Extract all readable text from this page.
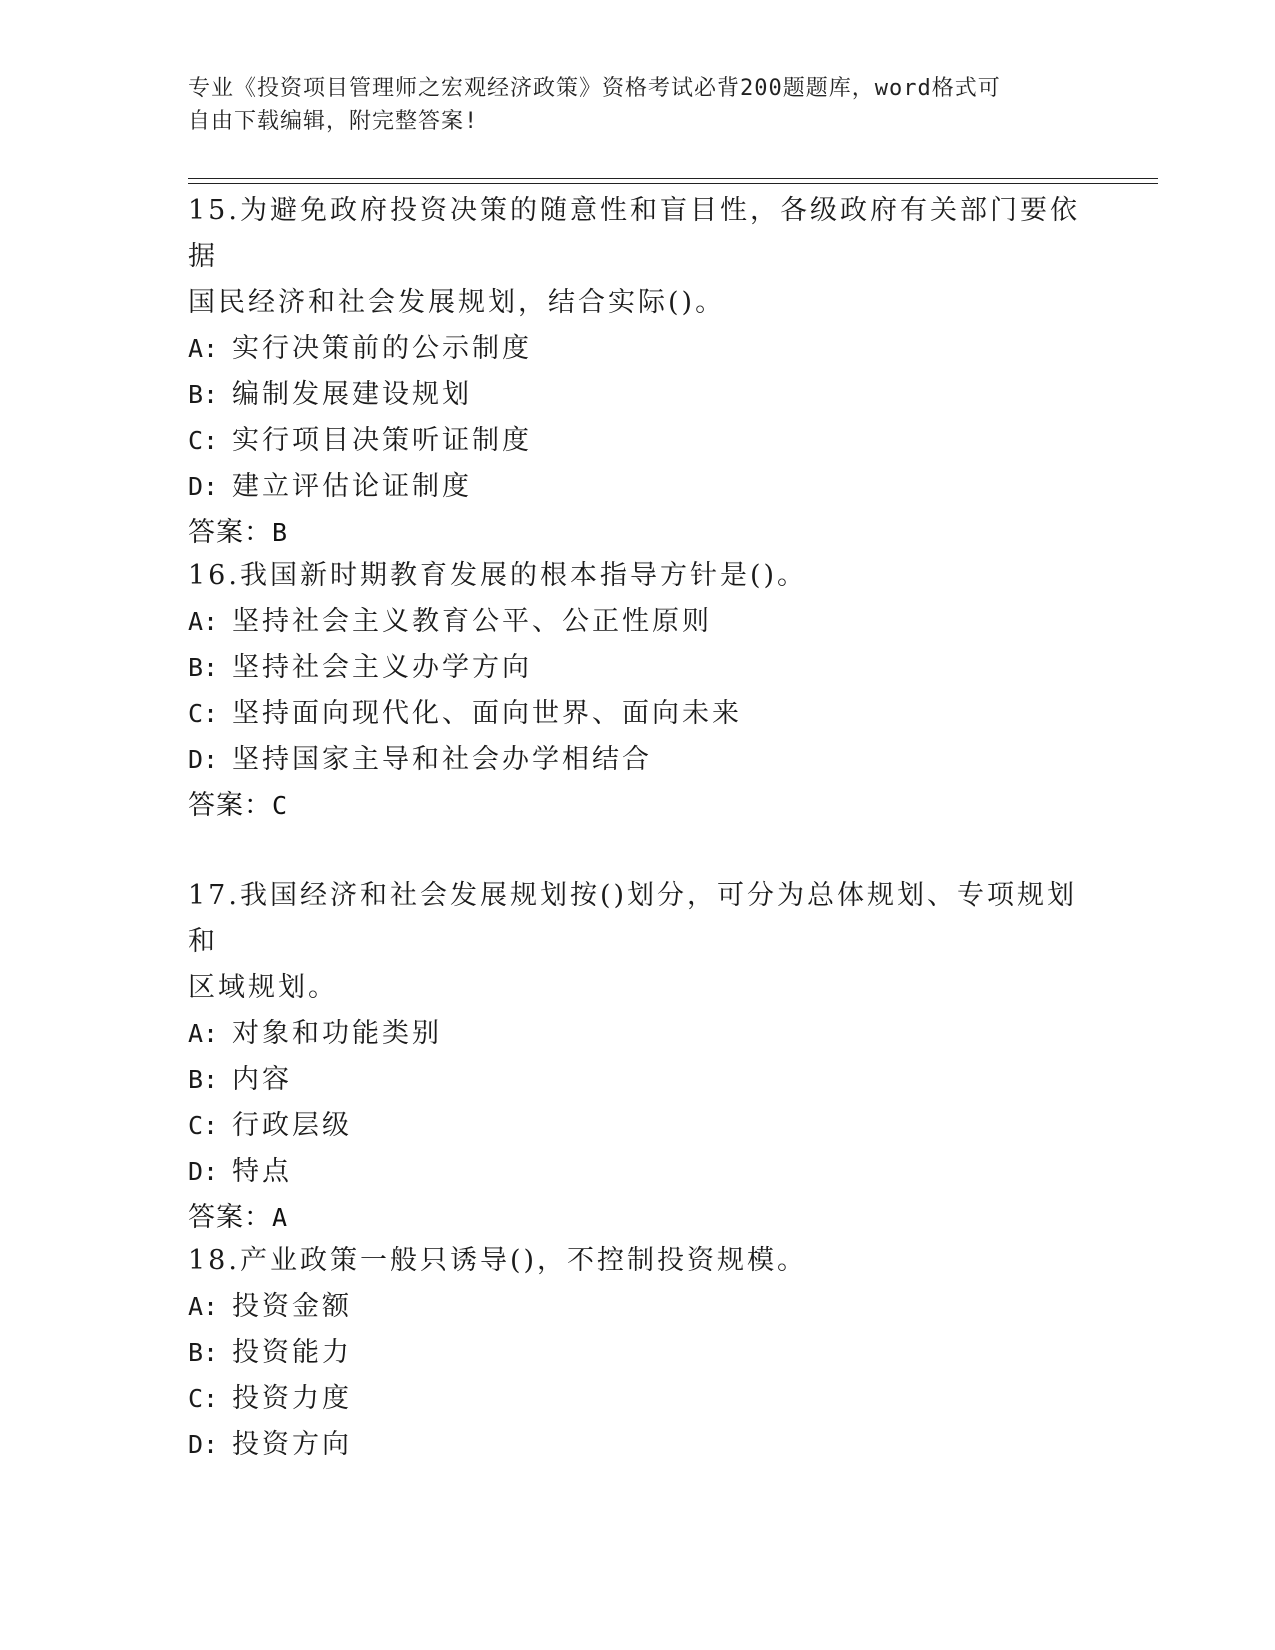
专业《投资项目管理师之宏观经济政策》资格考试必背200题题库，word格式可
自由下载编辑，附完整答案!
15.为避免政府投资决策的随意性和盲目性，各级政府有关部门要依据
国民经济和社会发展规划，结合实际()。
A: 实行决策前的公示制度
B: 编制发展建设规划
C: 实行项目决策听证制度
D: 建立评估论证制度
答案：B
16.我国新时期教育发展的根本指导方针是()。
A: 坚持社会主义教育公平、公正性原则
B: 坚持社会主义办学方向
C: 坚持面向现代化、面向世界、面向未来
D: 坚持国家主导和社会办学相结合
答案：C
17.我国经济和社会发展规划按()划分，可分为总体规划、专项规划和
区域规划。
A: 对象和功能类别
B: 内容
C: 行政层级
D: 特点
答案：A
18.产业政策一般只诱导()，不控制投资规模。
A: 投资金额
B: 投资能力
C: 投资力度
D: 投资方向
